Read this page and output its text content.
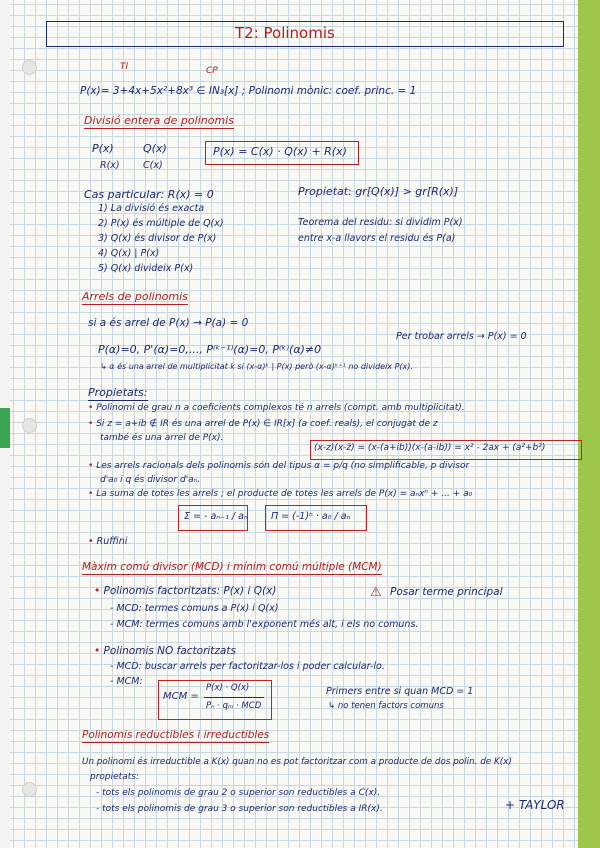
T2: Polinomis
TI	CP
P(x)= 3+4x+5x²+8x³ ∈ IN₃[x] ; Polinomi mònic: coef. princ. = 1
Divisió entera de polinomis
P(x)	Q(x)
R(x) C(x)
P(x) = C(x) · Q(x) + R(x)
Cas particular: R(x) = 0
1) La divisió és exacta
2) P(x) és múltiple de Q(x)
3) Q(x) és divisor de P(x)
4) Q(x) | P(x)
5) Q(x) divideix P(x)
Propietat: gr[Q(x)] > gr[R(x)]
Teorema del residu: si dividim P(x)
entre x-a llavors el residu és P(a)
Arrels de polinomis
si a és arrel de P(x) → P(a) = 0
Per trobar arrels → P(x) = 0
P(α)=0, P'(α)=0,..., P⁽ᵏ⁻¹⁾(α)=0, P⁽ᵏ⁾(α)≠0
↳ α és una arrel de multiplicitat k si (x-α)ᵏ | P(x) però (x-α)ᵏ⁺¹ no divideix P(x).
Propietats:
• Polinomi de grau n a coeficients complexos té n arrels (compt. amb multiplicitat).
• Si z = a+ib ∉ IR és una arrel de P(x) ∈ IR[x] (a coef. reals), el conjugat de z
també és una arrel de P(x).
(x-z)(x-z̄) = (x-(a+ib))(x-(a-ib)) = x² - 2ax + (a²+b²)
• Les arrels racionals dels polinomis són del tipus α = p/q (no simplificable, p divisor
d'a₀ i q és divisor d'aₙ.
• La suma de totes les arrels ; el producte de totes les arrels de P(x) = aₙxⁿ + ... + a₀
Σ = - aₙ₋₁ / aₙ Π = (-1)ⁿ · a₀ / aₙ
• Ruffini
Màxim comú divisor (MCD) i mínim comú múltiple (MCM)
• Polinomis factoritzats: P(x) i Q(x)	⚠ Posar terme principal
- MCD: termes comuns a P(x) i Q(x)
- MCM: termes comuns amb l'exponent més alt, i els no comuns.
• Polinomis NO factoritzats
- MCD: buscar arrels per factoritzar-los i poder calcular-lo.
- MCM:
MCM =
P(x) · Q(x)
Pₙ · qₘ · MCD
Primers entre si quan MCD = 1
↳ no tenen factors comuns
Polinomis reductibles i irreductibles
Un polinomi és irreductible a K(x) quan no es pot factoritzar com a producte de dos polin. de K(x)
propietats:
- tots els polinomis de grau 2 o superior son reductibles a C(x).
- tots els polinomis de grau 3 o superior son reductibles a IR(x).	+ TAYLOR
